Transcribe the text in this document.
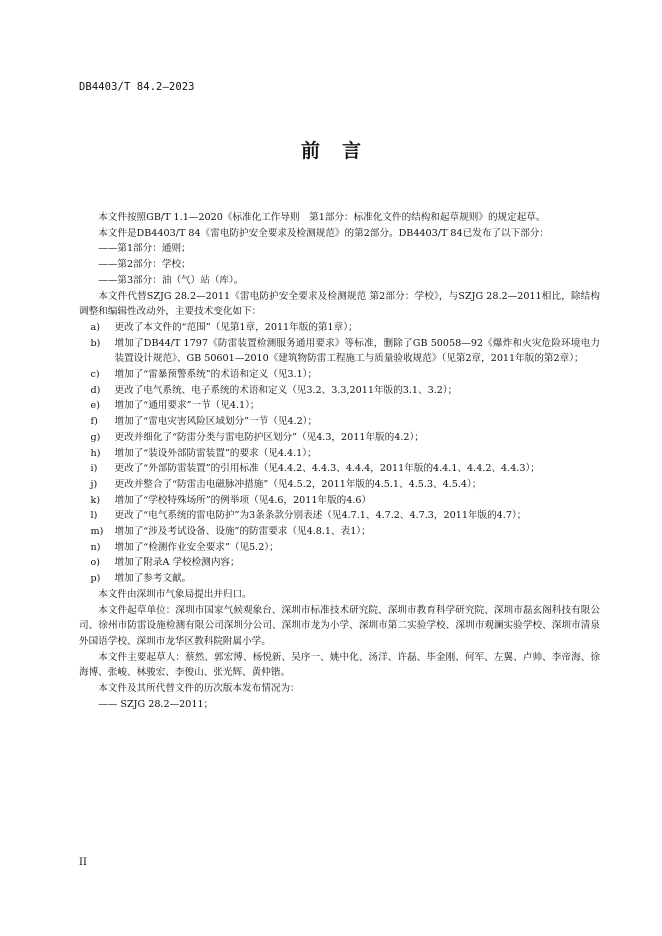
DB4403/T 84.2—2023
前言

本文件按照GB/T 1.1—2020《标准化工作导则　第1部分：标准化文件的结构和起草规则》的规定起草。

本文件是DB4403/T 84《雷电防护安全要求及检测规范》的第2部分。DB4403/T 84已发布了以下部分：

——第1部分：通则；

——第2部分：学校；

——第3部分：油（气）站（库）。

本文件代替SZJG 28.2—2011《雷电防护安全要求及检测规范 第2部分：学校》，与SZJG 28.2—2011相比，除结构调整和编辑性改动外，主要技术变化如下：

a)	更改了本文件的“范围”（见第1章，2011年版的第1章）；
b)	增加了DB44/T 1797《防雷装置检测服务通用要求》等标准，删除了GB 50058—92《爆炸和火灾危险环境电力装置设计规范》、GB 50601—2010《建筑物防雷工程施工与质量验收规范》（见第2章，2011年版的第2章）；
c)	增加了“雷暴预警系统”的术语和定义（见3.1）；
d)	更改了电气系统、电子系统的术语和定义（见3.2、3.3,2011年版的3.1、3.2）；
e)	增加了“通用要求”一节（见4.1）；
f)	增加了“雷电灾害风险区域划分”一节（见4.2）；
g)	更改并细化了“防雷分类与雷电防护区划分”（见4.3，2011年版的4.2）；
h)	增加了“装设外部防雷装置”的要求（见4.4.1）；
i)	更改了“外部防雷装置”的引用标准（见4.4.2、4.4.3、4.4.4，2011年版的4.4.1、4.4.2、4.4.3）；
j)	更改并整合了“防雷击电磁脉冲措施”（见4.5.2，2011年版的4.5.1、4.5.3、4.5.4）；
k)	增加了“学校特殊场所”的例举项（见4.6，2011年版的4.6）
l)	更改了“电气系统的雷电防护”为3条条款分别表述（见4.7.1、4.7.2、4.7.3，2011年版的4.7）；
m)	增加了“涉及考试设备、设施”的防雷要求（见4.8.1、表1）；
n)	增加了“检测作业安全要求”（见5.2）；
o)	增加了附录A 学校检测内容；
p)	增加了参考文献。

本文件由深圳市气象局提出并归口。

本文件起草单位：深圳市国家气候观象台、深圳市标准技术研究院、深圳市教育科学研究院、深圳市磊玄阁科技有限公司、徐州市防雷设施检测有限公司深圳分公司、深圳市龙为小学、深圳市第二实验学校、深圳市观澜实验学校、深圳市清泉外国语学校、深圳市龙华区教科院附属小学。

本文件主要起草人：蔡然、郭宏博、杨悦新、吴序一、姚中化、汤洋、许磊、毕金刚、何军、左翼、卢帅、李帝海、徐海博、张峻、林骏宏、李俊山、张光辉、黄仲锴。

本文件及其所代替文件的历次版本发布情况为：

—— SZJG 28.2—2011；

II
